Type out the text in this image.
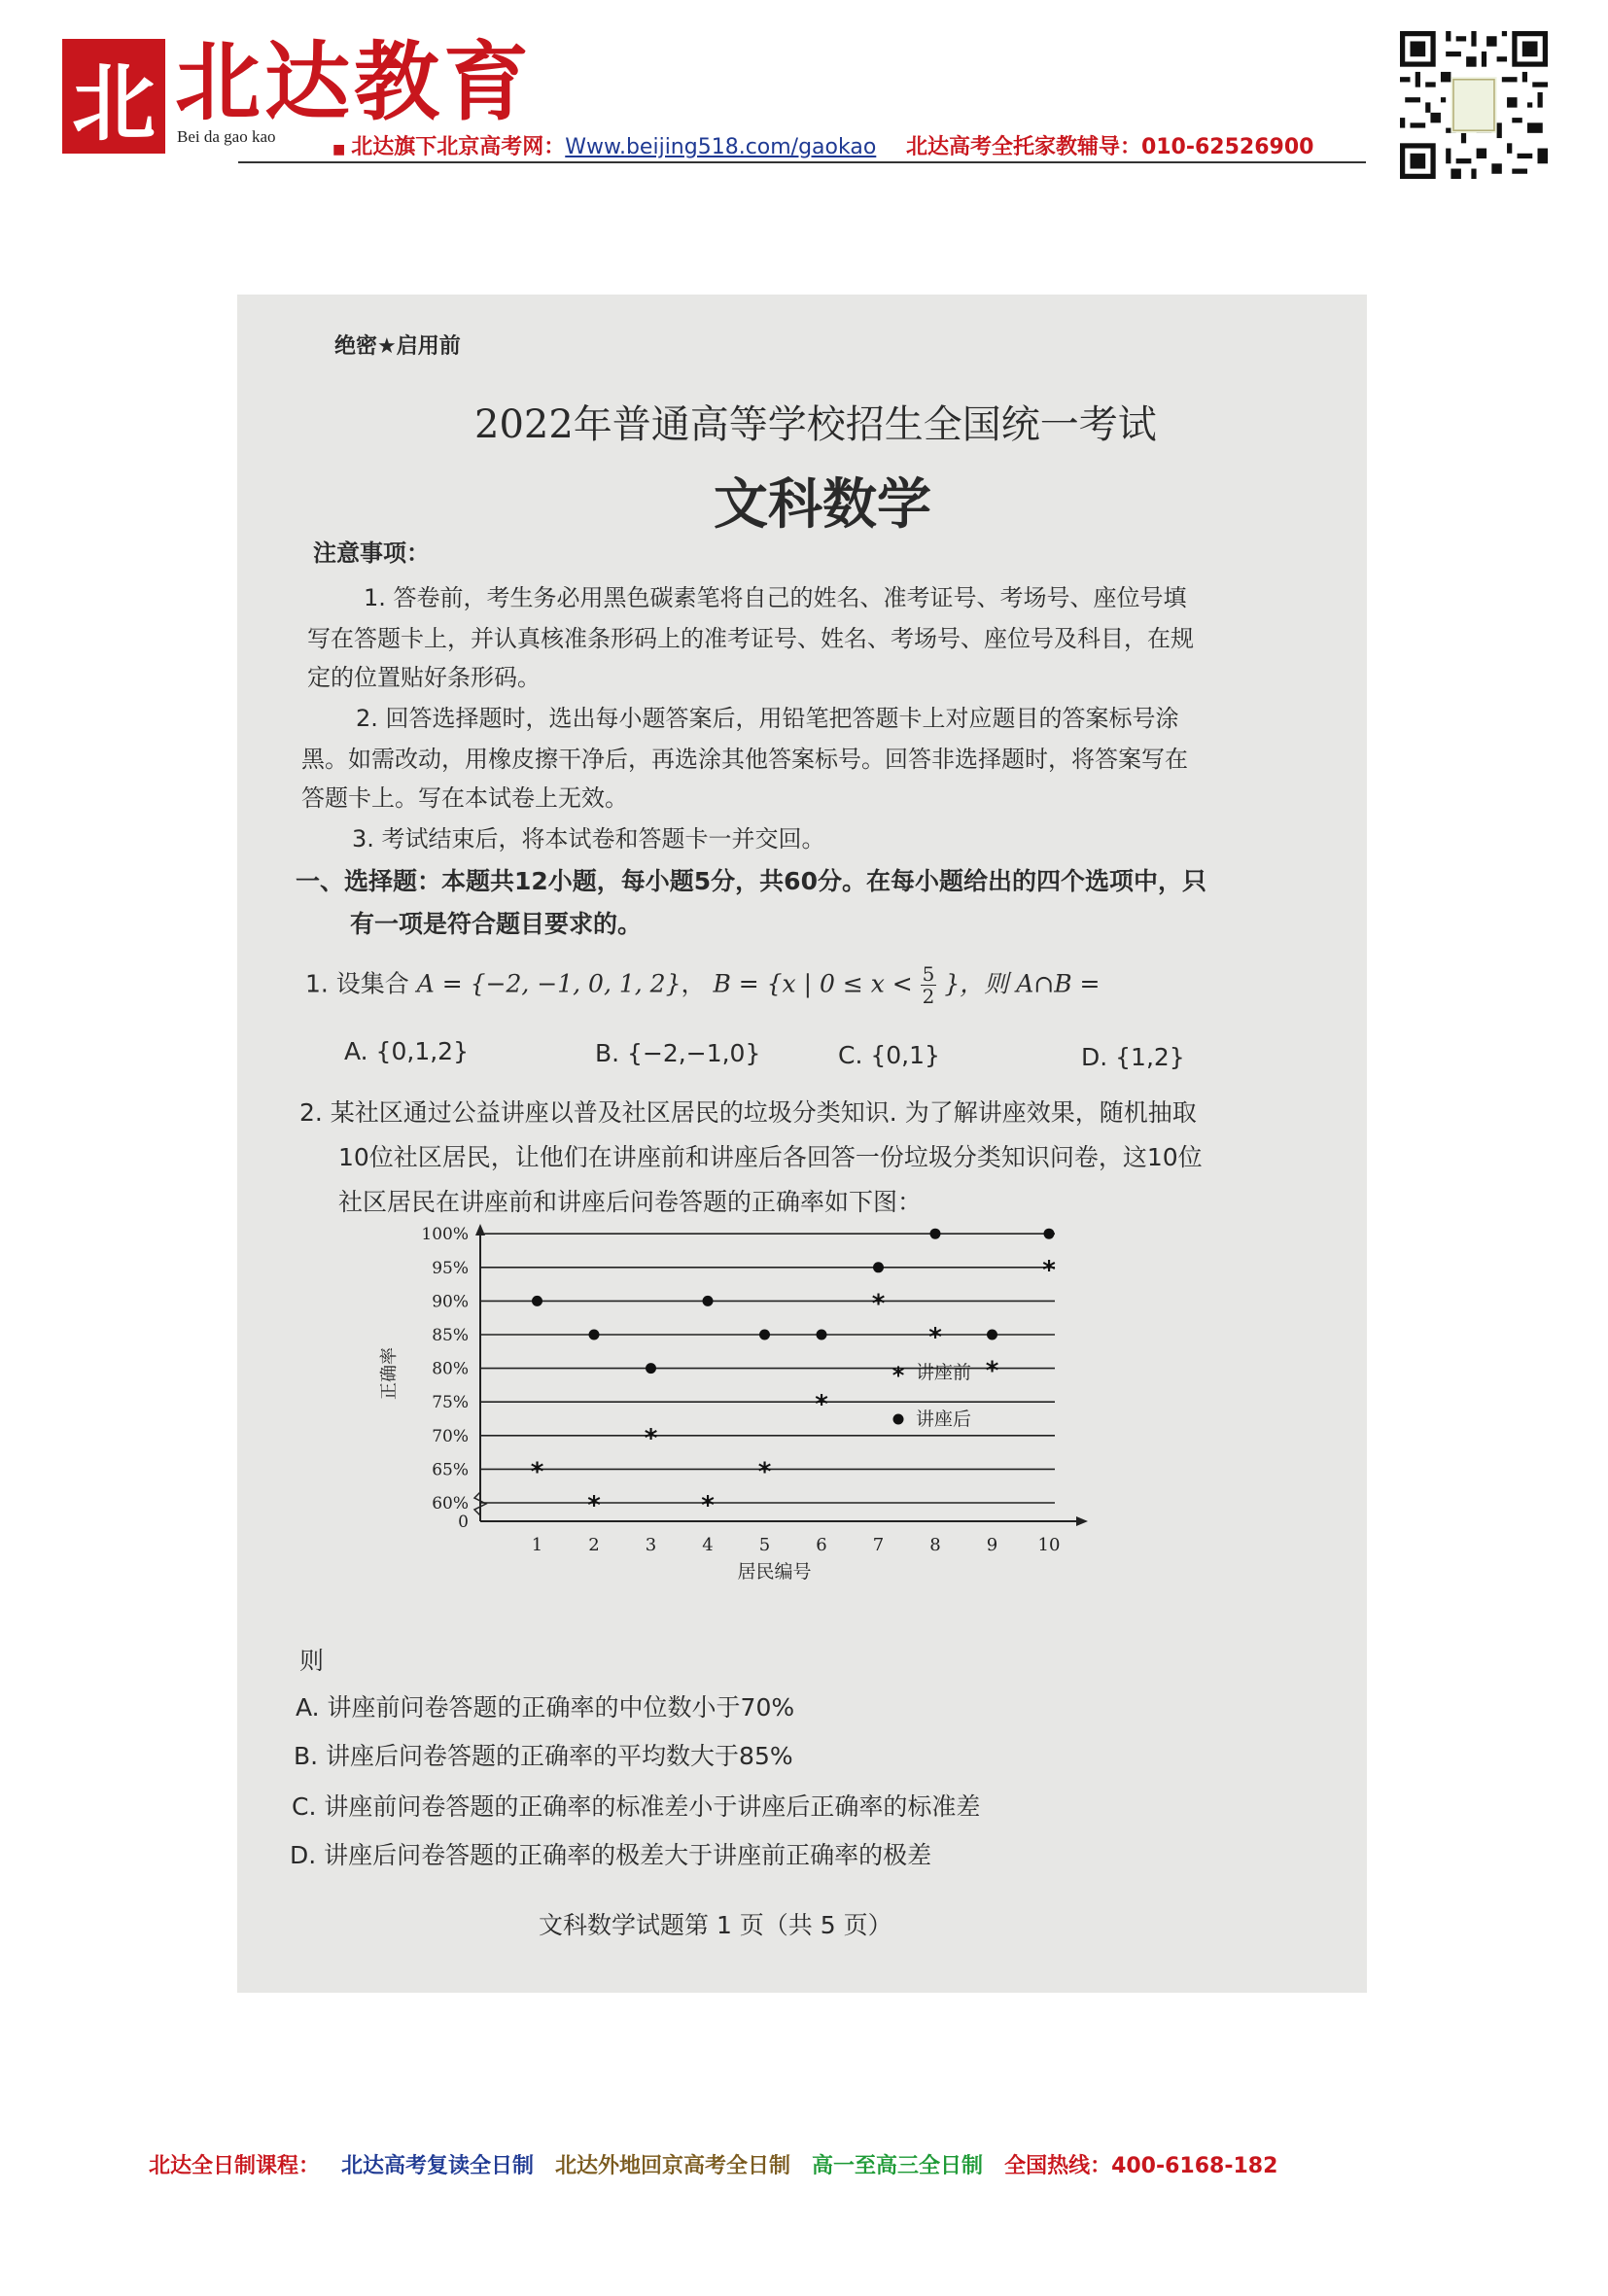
北 北达教育
Bei da gao kao
■ 北达旗下北京高考网：Www.beijing518.com/gaokao 北达高考全托家教辅导：010-62526900
绝密★启用前
2022年普通高等学校招生全国统一考试
文科数学
注意事项：
1. 答卷前，考生务必用黑色碳素笔将自己的姓名、准考证号、考场号、座位号填
写在答题卡上，并认真核准条形码上的准考证号、姓名、考场号、座位号及科目，在规
定的位置贴好条形码。
2. 回答选择题时，选出每小题答案后，用铅笔把答题卡上对应题目的答案标号涂
黑。如需改动，用橡皮擦干净后，再选涂其他答案标号。回答非选择题时，将答案写在
答题卡上。写在本试卷上无效。
3. 考试结束后，将本试卷和答题卡一并交回。
一、选择题：本题共12小题，每小题5分，共60分。在每小题给出的四个选项中，只
有一项是符合题目要求的。
1. 设集合 A = {−2, −1, 0, 1, 2}， B = {x | $0 \le x < \frac{5}{2}$ }，则 A∩B =
A. {0,1,2}	B. {−2,−1,0}	C. {0,1}	D. {1,2}
2. 某社区通过公益讲座以普及社区居民的垃圾分类知识. 为了解讲座效果，随机抽取
10位社区居民，让他们在讲座前和讲座后各回答一份垃圾分类知识问卷，这10位
社区居民在讲座前和讲座后问卷答题的正确率如下图：
0
60%
65%
70%
75%
80%
85%
90%
95%
100%
1	2	3	4	5	6	7	8	9 10
居民编号
正确率
*
*
*
*
*
*
*
*
*
*
* 讲座前
讲座后
则
A. 讲座前问卷答题的正确率的中位数小于70%
B. 讲座后问卷答题的正确率的平均数大于85%
C. 讲座前问卷答题的正确率的标准差小于讲座后正确率的标准差
D. 讲座后问卷答题的正确率的极差大于讲座前正确率的极差
文科数学试题第 1 页（共 5 页）
北达全日制课程： 北达高考复读全日制 北达外地回京高考全日制 高一至高三全日制 全国热线：400-6168-182
